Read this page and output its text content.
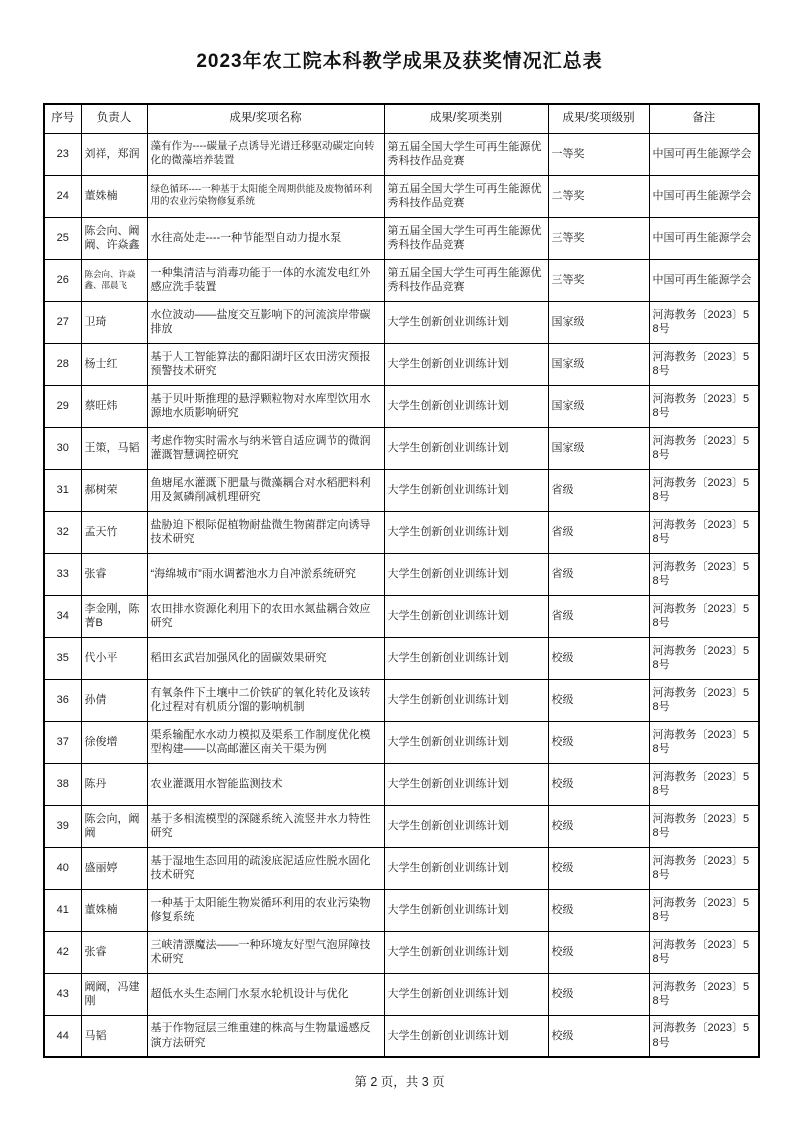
2023年农工院本科教学成果及获奖情况汇总表
序号	负责人	成果/奖项名称	成果/奖项类别	成果/奖项级别	备注
23	刘祥，郑润	藻有作为----碳量子点诱导光谱迁移驱动碳定向转化的微藻培养装置	第五届全国大学生可再生能源优秀科技作品竞赛	一等奖	中国可再生能源学会
24	董姝楠	绿色循环----一种基于太阳能全周期供能及废物循环利用的农业污染物修复系统	第五届全国大学生可再生能源优秀科技作品竞赛	二等奖	中国可再生能源学会
25	陈会向、阚阚、许焱鑫	水往高处走----一种节能型自动力提水泵	第五届全国大学生可再生能源优秀科技作品竞赛	三等奖	中国可再生能源学会
26	陈会向、许焱鑫、邵晨飞	一种集清洁与消毒功能于一体的水流发电红外感应洗手装置	第五届全国大学生可再生能源优秀科技作品竞赛	三等奖	中国可再生能源学会
27	卫琦	水位波动——盐度交互影响下的河流滨岸带碳排放	大学生创新创业训练计划	国家级	河海教务〔2023〕58号
28	杨士红	基于人工智能算法的鄱阳湖圩区农田涝灾预报预警技术研究	大学生创新创业训练计划	国家级	河海教务〔2023〕58号
29	蔡旺炜	基于贝叶斯推理的悬浮颗粒物对水库型饮用水源地水质影响研究	大学生创新创业训练计划	国家级	河海教务〔2023〕58号
30	王策，马韬	考虑作物实时需水与纳米管自适应调节的微润灌溉智慧调控研究	大学生创新创业训练计划	国家级	河海教务〔2023〕58号
31	郝树荣	鱼塘尾水灌溉下肥量与微藻耦合对水稻肥料利用及氮磷削减机理研究	大学生创新创业训练计划	省级	河海教务〔2023〕58号
32	孟天竹	盐胁迫下根际促植物耐盐微生物菌群定向诱导技术研究	大学生创新创业训练计划	省级	河海教务〔2023〕58号
33	张睿	“海绵城市”雨水调蓄池水力自冲淤系统研究	大学生创新创业训练计划	省级	河海教务〔2023〕58号
34	李金刚，陈菁B	农田排水资源化利用下的农田水氮盐耦合效应研究	大学生创新创业训练计划	省级	河海教务〔2023〕58号
35	代小平	稻田玄武岩加强风化的固碳效果研究	大学生创新创业训练计划	校级	河海教务〔2023〕58号
36	孙倩	有氧条件下土壤中二价铁矿的氧化转化及该转化过程对有机质分馏的影响机制	大学生创新创业训练计划	校级	河海教务〔2023〕58号
37	徐俊增	渠系输配水水动力模拟及渠系工作制度优化模型构建——以高邮灌区南关干渠为例	大学生创新创业训练计划	校级	河海教务〔2023〕58号
38	陈丹	农业灌溉用水智能监测技术	大学生创新创业训练计划	校级	河海教务〔2023〕58号
39	陈会向，阚阚	基于多相流模型的深隧系统入流竖井水力特性研究	大学生创新创业训练计划	校级	河海教务〔2023〕58号
40	盛丽婷	基于湿地生态回用的疏浚底泥适应性脱水固化技术研究	大学生创新创业训练计划	校级	河海教务〔2023〕58号
41	董姝楠	一种基于太阳能生物炭循环利用的农业污染物修复系统	大学生创新创业训练计划	校级	河海教务〔2023〕58号
42	张睿	三峡清漂魔法——一种环境友好型气泡屏障技术研究	大学生创新创业训练计划	校级	河海教务〔2023〕58号
43	阚阚，冯建刚	超低水头生态闸门水泵水轮机设计与优化	大学生创新创业训练计划	校级	河海教务〔2023〕58号
44	马韬	基于作物冠层三维重建的株高与生物量遥感反演方法研究	大学生创新创业训练计划	校级	河海教务〔2023〕58号
第 2 页，共 3 页
